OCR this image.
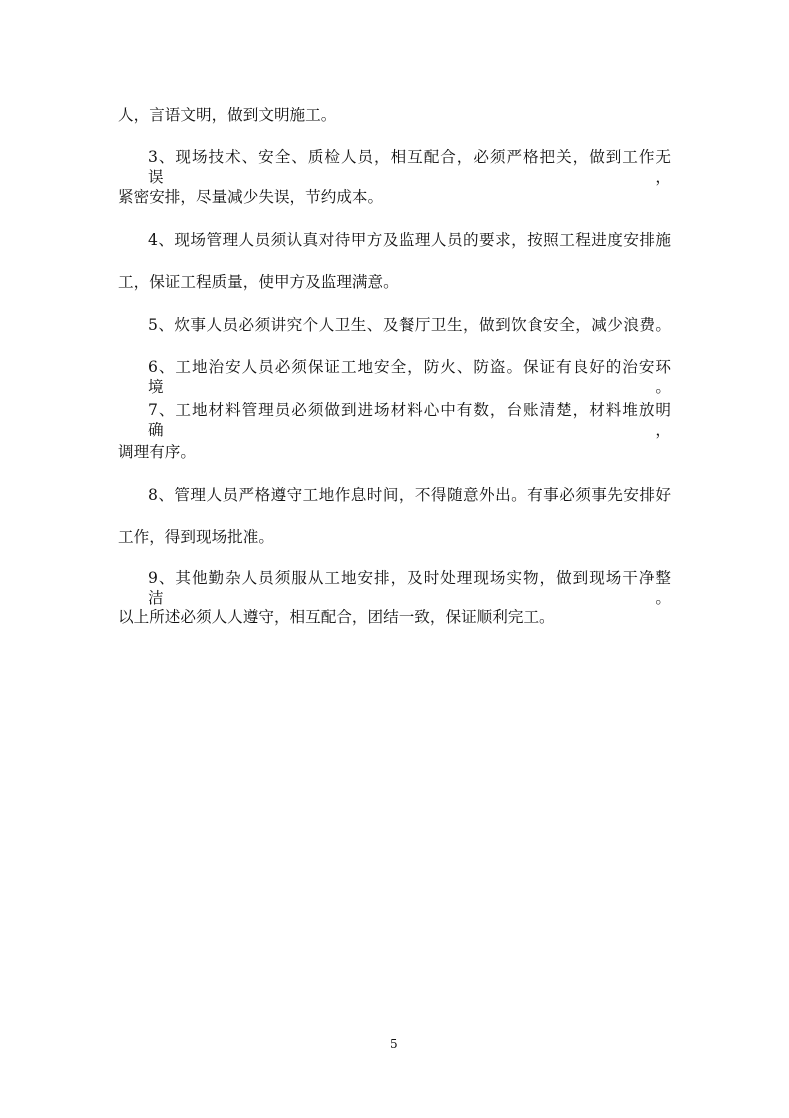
人，言语文明，做到文明施工。
3、现场技术、安全、质检人员，相互配合，必须严格把关，做到工作无误，
紧密安排，尽量减少失误，节约成本。
4、现场管理人员须认真对待甲方及监理人员的要求，按照工程进度安排施
工，保证工程质量，使甲方及监理满意。
5、炊事人员必须讲究个人卫生、及餐厅卫生，做到饮食安全，减少浪费。
6、工地治安人员必须保证工地安全，防火、防盗。保证有良好的治安环境。
7、工地材料管理员必须做到进场材料心中有数，台账清楚，材料堆放明确，
调理有序。
8、管理人员严格遵守工地作息时间，不得随意外出。有事必须事先安排好
工作，得到现场批准。
9、其他勤杂人员须服从工地安排，及时处理现场实物，做到现场干净整洁。
以上所述必须人人遵守，相互配合，团结一致，保证顺利完工。
5
